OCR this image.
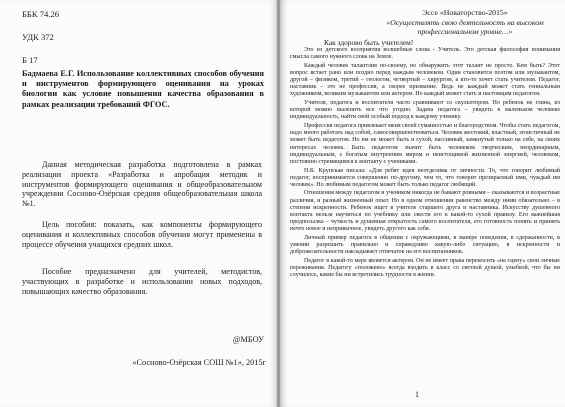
ББК 74.26
УДК 372
Б 17
Бадмаева Е.Г. Использование коллективных способов обучения и инструментов формирующего оценивания на уроках биологии как условие повышения качества образования в рамках реализации требований ФГОС.

Данная методическая разработка подготовлена в рамках реализации проекта «Разработка и апробация методик и инструментов формирующего оценивания и общеобразовательном учреждении Сосново-Озёрская средняя общеобразовательная школа №1.

Цель пособия: показать, как компоненты формирующего оценивания и коллективных способов обучения могут применены в процессе обучения учащихся средних школ.

Пособие предназначено для учителей, методистов, участвующих в разработке и использовании новых подходов, повышающих качество образования.

@МБОУ
«Сосново-Озёрская СОШ №1», 2015г
Эссе «Новаторство-2015»
«Осуществлять свою деятельность на высоком профессиональном уровне…»
Как здорово быть учителем!

Это из детского восприятия волшебные слова - Учитель. Это детская философия понимания смысла самого нужного слова на Земле.

Каждый человек талантлив по-своему, но обнаружить этот талант не просто. Кем быть? Этот вопрос встает рано или поздно перед каждым человеком. Один становится поэтом или музыкантом, другой – физиком, третий – геологом, четвертый – хирургом, а кто-то хочет стать учителем. Педагог, наставник – это не профессия, а скорее призвание. Ведь не каждый может стать гениальным художником, великим музыкантом или актером. Но каждый может стать и настоящим педагогом.

Учителя, педагога и воспитателя часто сравнивают со скульптором. Но ребенок не глина, из которой можно вылепить все что угодно. Задача педагога – увидеть в маленьком человеке индивидуальность, найти свой особый подход к каждому ученику.

Профессия педагога привлекает меня своей гуманностью и благородством. Чтобы стать педагогом, надо много работать над собой, самосовершенствоваться. Человек жестокий, властный, эгоистичный не может быть педагогом. Но им не может быть и сухой, пассивный, замкнутый только на себе, на своих интересах человек. Быть педагогом значит быть человеком творческим, неординарным, индивидуальным, с богатым внутренним миром и неистощимой жизненной энергией, человеком, постоянно стремящимся к контакту с учениками.

Н.К. Крупская писала: «Для ребят идея неотделима от личности. То, что говорит любимый педагог, воспринимается совершенно по-другому, чем то, что говорит презираемый ими, чуждый им человек». Но любимым педагогом может быть только педагог любящий.

Отношения между педагогом и учеником никогда не бывают ровными – сказываются и возрастные различия, и разный жизненный опыт. Но в одном отношении равенство между ними обязательно – в степени искренности. Ребенок ищет в учителе старшего друга и наставника. Искусству душевного контакта нельзя научиться по учебнику или свести его к какой-то сухой правилу. Его важнейшая предпосылка – чуткость и душевная открытость самого воспитателя, его готовность понять и принять нечто новое и непривычное, увидеть другого как себя.

Личный пример педагога в общении с окружающими, в манере поведения, в сдержанности, в умении разрешить правильно и справедливо какую-либо ситуацию, в искренности и доброжелательности накладывает отпечаток на его воспитанников.

Педагог в какой-то мере является актером. Он не имеет права переносить «на сцену» свои личные переживания. Педагогу «положено» всегда входить в класс со светлой душой, улыбкой, что бы ни случилось, какие бы ни встретились трудности в жизни.

1
